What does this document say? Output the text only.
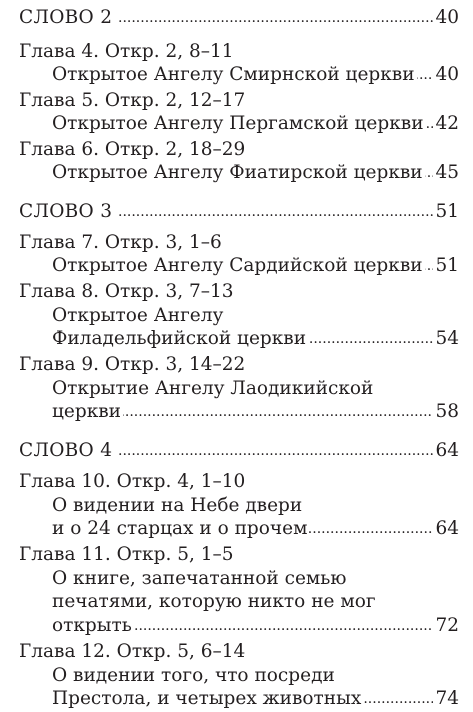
.....
СЛОВО 2	40
Глава 4. Откр. 2, 8–11
.....
Открытое Ангелу Смирнской церкви 40
Глава 5. Откр. 2, 12–17
.....
Открытое Ангелу Пергамской церкви 42
Глава 6. Откр. 2, 18–29
.....
Открытое Ангелу Фиатирской церкви 45
.....
СЛОВО 3	51
Глава 7. Откр. 3, 1–6
.....
Открытое Ангелу Сардийской церкви 51
Глава 8. Откр. 3, 7–13
Открытое Ангелу
.....
Филадельфийской церкви	54
Глава 9. Откр. 3, 14–22
Открытие Ангелу Лаодикийской
.....
церкви	58
.....
СЛОВО 4	64
Глава 10. Откр. 4, 1–10
О видении на Небе двери
.....
и о 24 старцах и о прочем	64
Глава 11. Откр. 5, 1–5
О книге, запечатанной семью
печатями, которую никто не мог
.....
открыть	72
Глава 12. Откр. 5, 6–14
О видении того, что посреди
.....
Престола, и четырех животных	74
